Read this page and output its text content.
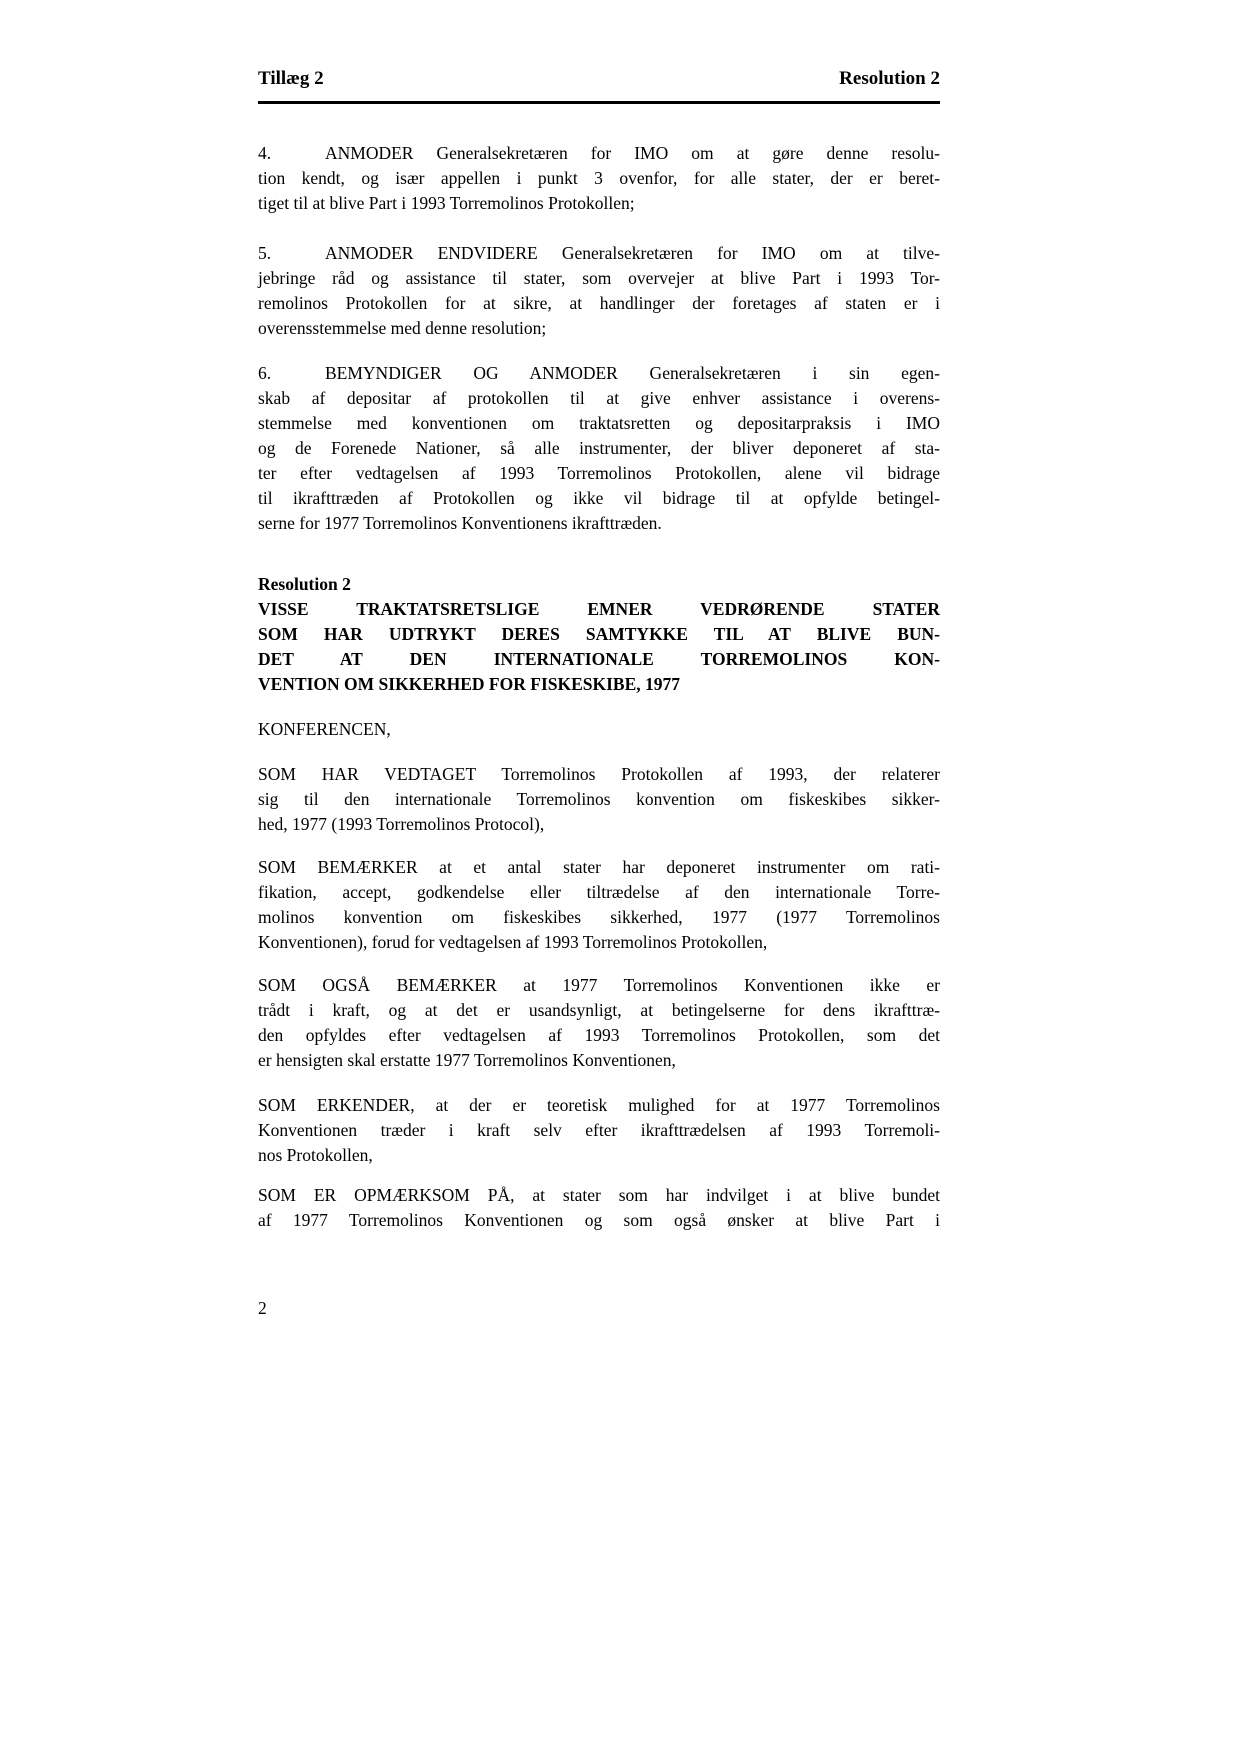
Tillæg 2	Resolution 2
4.	ANMODER Generalsekretæren for IMO om at gøre denne resolu-
tion kendt, og især appellen i punkt 3 ovenfor, for alle stater, der er beret-
tiget til at blive Part i 1993 Torremolinos Protokollen;
5.	ANMODER ENDVIDERE Generalsekretæren for IMO om at tilve-
jebringe råd og assistance til stater, som overvejer at blive Part i 1993 Tor-
remolinos Protokollen for at sikre, at handlinger der foretages af staten er i
overensstemmelse med denne resolution;
6.	BEMYNDIGER OG ANMODER Generalsekretæren i sin egen-
skab af depositar af protokollen til at give enhver assistance i overens-
stemmelse med konventionen om traktatsretten og depositarpraksis i IMO
og de Forenede Nationer, så alle instrumenter, der bliver deponeret af sta-
ter efter vedtagelsen af 1993 Torremolinos Protokollen, alene vil bidrage
til ikrafttræden af Protokollen og ikke vil bidrage til at opfylde betingel-
serne for 1977 Torremolinos Konventionens ikrafttræden.
Resolution 2
VISSE TRAKTATSRETSLIGE EMNER VEDRØRENDE STATER
SOM HAR UDTRYKT DERES SAMTYKKE TIL AT BLIVE BUN-
DET AT DEN INTERNATIONALE TORREMOLINOS KON-
VENTION OM SIKKERHED FOR FISKESKIBE, 1977
KONFERENCEN,
SOM HAR VEDTAGET Torremolinos Protokollen af 1993, der relaterer
sig til den internationale Torremolinos konvention om fiskeskibes sikker-
hed, 1977 (1993 Torremolinos Protocol),
SOM BEMÆRKER at et antal stater har deponeret instrumenter om rati-
fikation, accept, godkendelse eller tiltrædelse af den internationale Torre-
molinos konvention om fiskeskibes sikkerhed, 1977 (1977 Torremolinos
Konventionen), forud for vedtagelsen af 1993 Torremolinos Protokollen,
SOM OGSÅ BEMÆRKER at 1977 Torremolinos Konventionen ikke er
trådt i kraft, og at det er usandsynligt, at betingelserne for dens ikrafttræ-
den opfyldes efter vedtagelsen af 1993 Torremolinos Protokollen, som det
er hensigten skal erstatte 1977 Torremolinos Konventionen,
SOM ERKENDER, at der er teoretisk mulighed for at 1977 Torremolinos
Konventionen træder i kraft selv efter ikrafttrædelsen af 1993 Torremoli-
nos Protokollen,
SOM ER OPMÆRKSOM PÅ, at stater som har indvilget i at blive bundet
af 1977 Torremolinos Konventionen og som også ønsker at blive Part i
2
